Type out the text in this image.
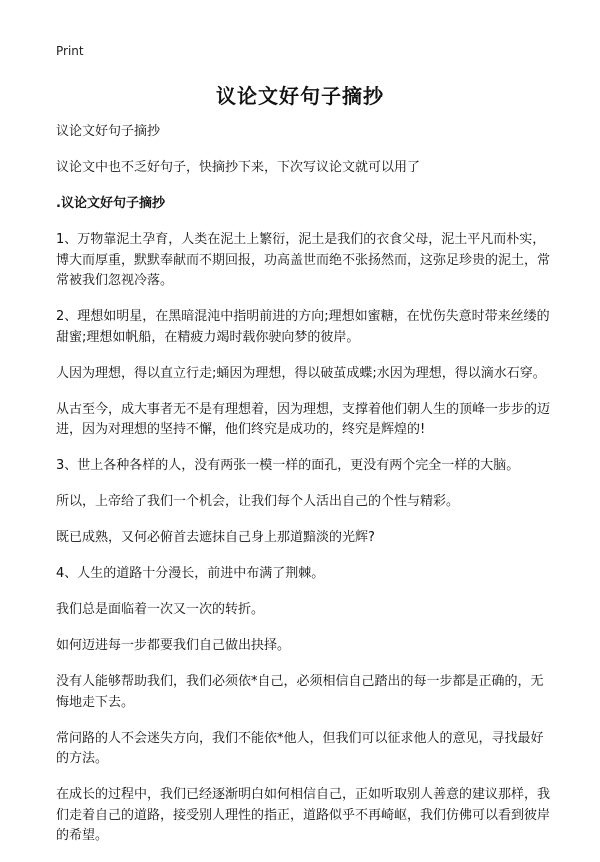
Print
议论文好句子摘抄

议论文好句子摘抄

议论文中也不乏好句子，快摘抄下来，下次写议论文就可以用了

.议论文好句子摘抄

1、万物靠泥土孕育，人类在泥土上繁衍，泥土是我们的衣食父母，泥土平凡而朴实，博大而厚重，默默奉献而不期回报，功高盖世而绝不张扬然而，这弥足珍贵的泥土，常常被我们忽视冷落。

2、理想如明星，在黑暗混沌中指明前进的方向;理想如蜜糖，在忧伤失意时带来丝缕的甜蜜;理想如帆船，在精疲力竭时载你驶向梦的彼岸。

人因为理想，得以直立行走;蛹因为理想，得以破茧成蝶;水因为理想，得以滴水石穿。

从古至今，成大事者无不是有理想着，因为理想，支撑着他们朝人生的顶峰一步步的迈进，因为对理想的坚持不懈，他们终究是成功的，终究是辉煌的!

3、世上各种各样的人，没有两张一模一样的面孔，更没有两个完全一样的大脑。

所以，上帝给了我们一个机会，让我们每个人活出自己的个性与精彩。

既已成熟，又何必俯首去遮抹自己身上那道黯淡的光辉?

4、人生的道路十分漫长，前进中布满了荆棘。

我们总是面临着一次又一次的转折。

如何迈进每一步都要我们自己做出抉择。

没有人能够帮助我们，我们必须依*自己，必须相信自己踏出的每一步都是正确的，无悔地走下去。

常问路的人不会迷失方向，我们不能依*他人，但我们可以征求他人的意见，寻找最好的方法。

在成长的过程中，我们已经逐渐明白如何相信自己，正如听取别人善意的建议那样，我们走着自己的道路，接受别人理性的指正，道路似乎不再崎岖，我们仿佛可以看到彼岸的希望。
